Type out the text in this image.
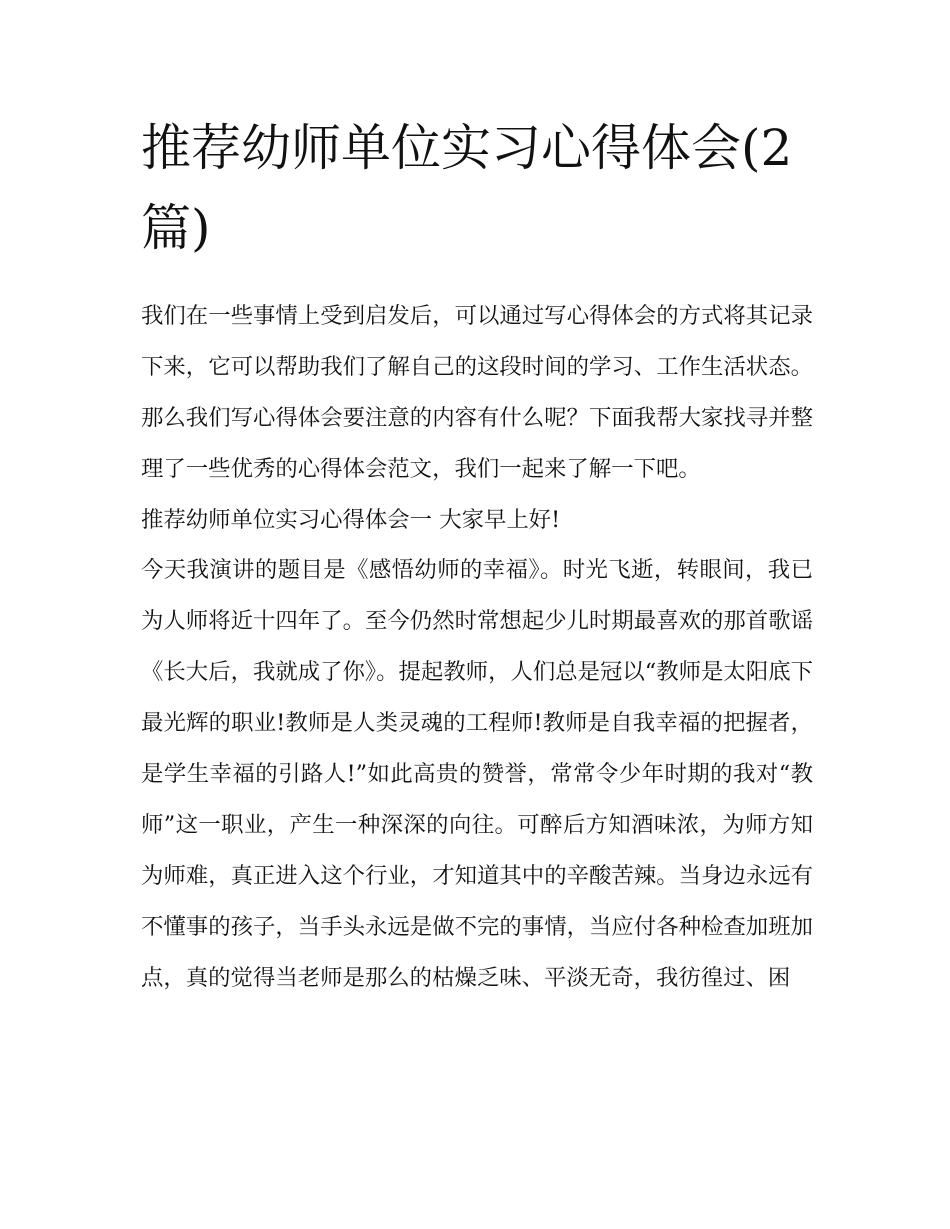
推荐幼师单位实习心得体会(2篇)

我们在一些事情上受到启发后，可以通过写心得体会的方式将其记录下来，它可以帮助我们了解自己的这段时间的学习、工作生活状态。那么我们写心得体会要注意的内容有什么呢？下面我帮大家找寻并整理了一些优秀的心得体会范文，我们一起来了解一下吧。

推荐幼师单位实习心得体会一 大家早上好!

今天我演讲的题目是《感悟幼师的幸福》。时光飞逝，转眼间，我已为人师将近十四年了。至今仍然时常想起少儿时期最喜欢的那首歌谣《长大后，我就成了你》。提起教师，人们总是冠以“教师是太阳底下最光辉的职业!教师是人类灵魂的工程师!教师是自我幸福的把握者，是学生幸福的引路人!”如此高贵的赞誉，常常令少年时期的我对“教师”这一职业，产生一种深深的向往。可醉后方知酒味浓，为师方知为师难，真正进入这个行业，才知道其中的辛酸苦辣。当身边永远有不懂事的孩子，当手头永远是做不完的事情，当应付各种检查加班加点，真的觉得当老师是那么的枯燥乏味、平淡无奇，我彷徨过、困
